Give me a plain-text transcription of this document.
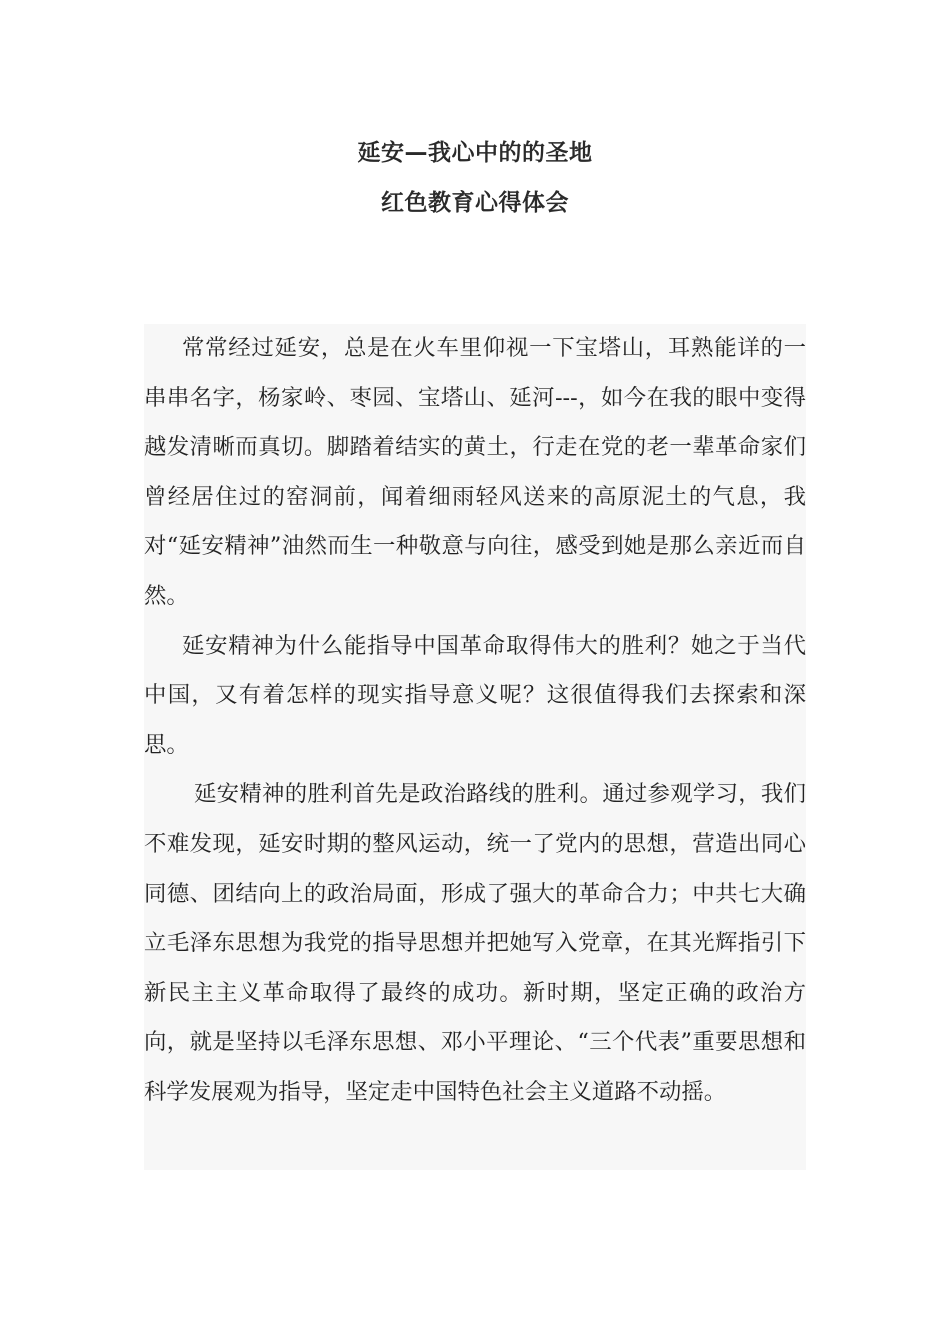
延安—我心中的的圣地
红色教育心得体会

常常经过延安，总是在火车里仰视一下宝塔山，耳熟能详的一串串名字，杨家岭、枣园、宝塔山、延河---，如今在我的眼中变得越发清晰而真切。脚踏着结实的黄土，行走在党的老一辈革命家们曾经居住过的窑洞前，闻着细雨轻风送来的高原泥土的气息，我对“延安精神”油然而生一种敬意与向往，感受到她是那么亲近而自然。

延安精神为什么能指导中国革命取得伟大的胜利？她之于当代中国，又有着怎样的现实指导意义呢？这很值得我们去探索和深思。

延安精神的胜利首先是政治路线的胜利。通过参观学习，我们不难发现，延安时期的整风运动，统一了党内的思想，营造出同心同德、团结向上的政治局面，形成了强大的革命合力；中共七大确立毛泽东思想为我党的指导思想并把她写入党章，在其光辉指引下新民主主义革命取得了最终的成功。新时期，坚定正确的政治方向，就是坚持以毛泽东思想、邓小平理论、“三个代表”重要思想和科学发展观为指导，坚定走中国特色社会主义道路不动摇。
